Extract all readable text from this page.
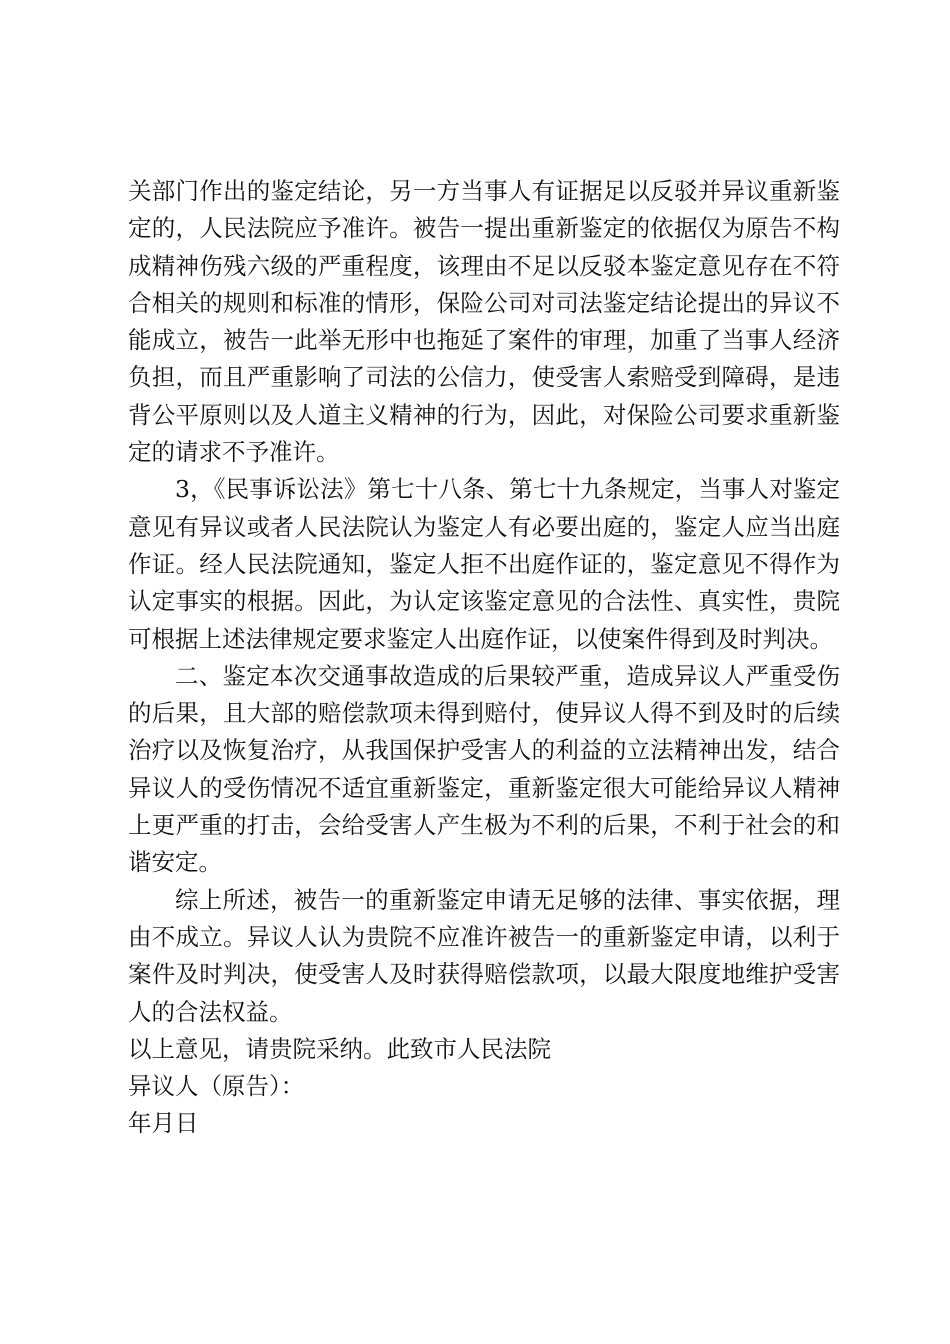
关部门作出的鉴定结论，另一方当事人有证据足以反驳并异议重新鉴定的，人民法院应予准许。被告一提出重新鉴定的依据仅为原告不构成精神伤残六级的严重程度，该理由不足以反驳本鉴定意见存在不符合相关的规则和标准的情形，保险公司对司法鉴定结论提出的异议不能成立，被告一此举无形中也拖延了案件的审理，加重了当事人经济负担，而且严重影响了司法的公信力，使受害人索赔受到障碍，是违背公平原则以及人道主义精神的行为，因此，对保险公司要求重新鉴定的请求不予准许。

3，《民事诉讼法》第七十八条、第七十九条规定，当事人对鉴定意见有异议或者人民法院认为鉴定人有必要出庭的，鉴定人应当出庭作证。经人民法院通知，鉴定人拒不出庭作证的，鉴定意见不得作为认定事实的根据。因此，为认定该鉴定意见的合法性、真实性，贵院可根据上述法律规定要求鉴定人出庭作证，以使案件得到及时判决。

二、鉴定本次交通事故造成的后果较严重，造成异议人严重受伤的后果，且大部的赔偿款项未得到赔付，使异议人得不到及时的后续治疗以及恢复治疗，从我国保护受害人的利益的立法精神出发，结合异议人的受伤情况不适宜重新鉴定，重新鉴定很大可能给异议人精神上更严重的打击，会给受害人产生极为不利的后果，不利于社会的和谐安定。

综上所述，被告一的重新鉴定申请无足够的法律、事实依据，理由不成立。异议人认为贵院不应准许被告一的重新鉴定申请，以利于案件及时判决，使受害人及时获得赔偿款项，以最大限度地维护受害人的合法权益。

以上意见，请贵院采纳。此致市人民法院

异议人（原告）：

年月日
